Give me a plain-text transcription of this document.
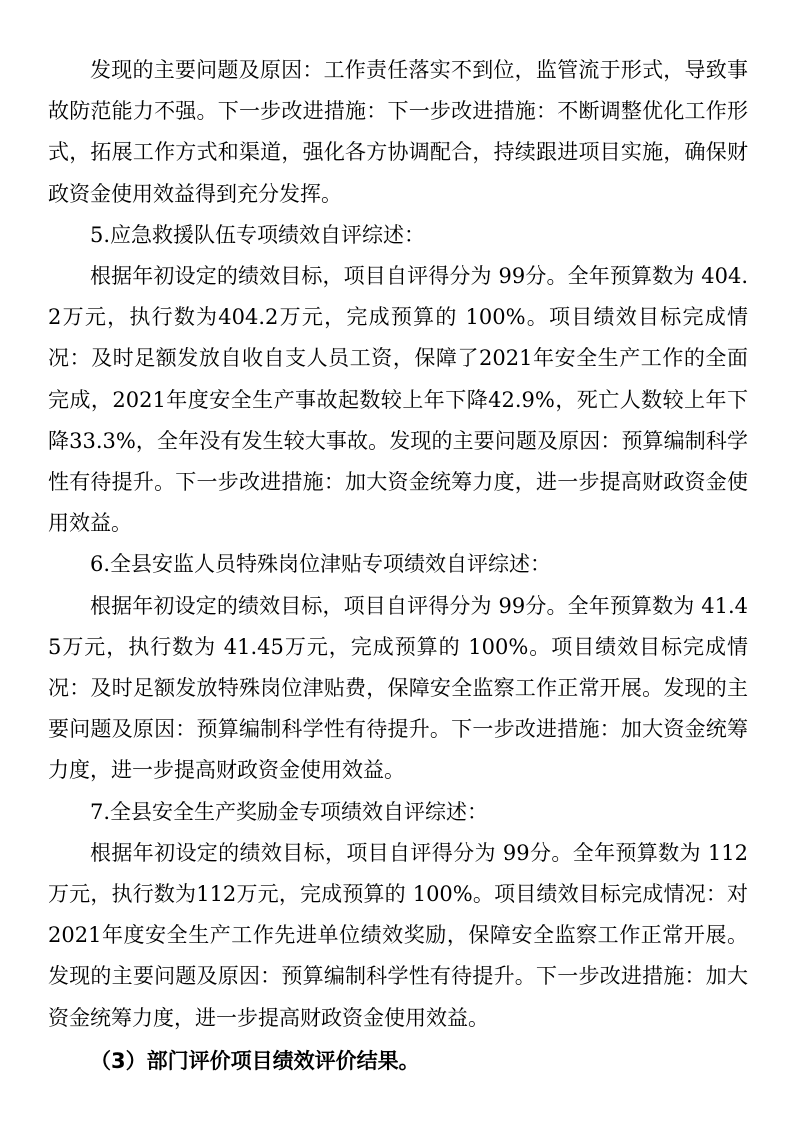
发现的主要问题及原因：工作责任落实不到位，监管流于形式，导致事故防范能力不强。下一步改进措施：下一步改进措施：不断调整优化工作形式，拓展工作方式和渠道，强化各方协调配合，持续跟进项目实施，确保财政资金使用效益得到充分发挥。

5.应急救援队伍专项绩效自评综述：

根据年初设定的绩效目标，项目自评得分为 99分。全年预算数为 404.2万元，执行数为404.2万元，完成预算的 100%。项目绩效目标完成情况：及时足额发放自收自支人员工资，保障了2021年安全生产工作的全面完成，2021年度安全生产事故起数较上年下降42.9%，死亡人数较上年下降33.3%，全年没有发生较大事故。发现的主要问题及原因：预算编制科学性有待提升。下一步改进措施：加大资金统筹力度，进一步提高财政资金使用效益。

6.全县安监人员特殊岗位津贴专项绩效自评综述：

根据年初设定的绩效目标，项目自评得分为 99分。全年预算数为 41.45万元，执行数为 41.45万元，完成预算的 100%。项目绩效目标完成情况：及时足额发放特殊岗位津贴费，保障安全监察工作正常开展。发现的主要问题及原因：预算编制科学性有待提升。下一步改进措施：加大资金统筹力度，进一步提高财政资金使用效益。

7.全县安全生产奖励金专项绩效自评综述：

根据年初设定的绩效目标，项目自评得分为 99分。全年预算数为 112万元，执行数为112万元，完成预算的 100%。项目绩效目标完成情况：对2021年度安全生产工作先进单位绩效奖励，保障安全监察工作正常开展。发现的主要问题及原因：预算编制科学性有待提升。下一步改进措施：加大资金统筹力度，进一步提高财政资金使用效益。

（3）部门评价项目绩效评价结果。
